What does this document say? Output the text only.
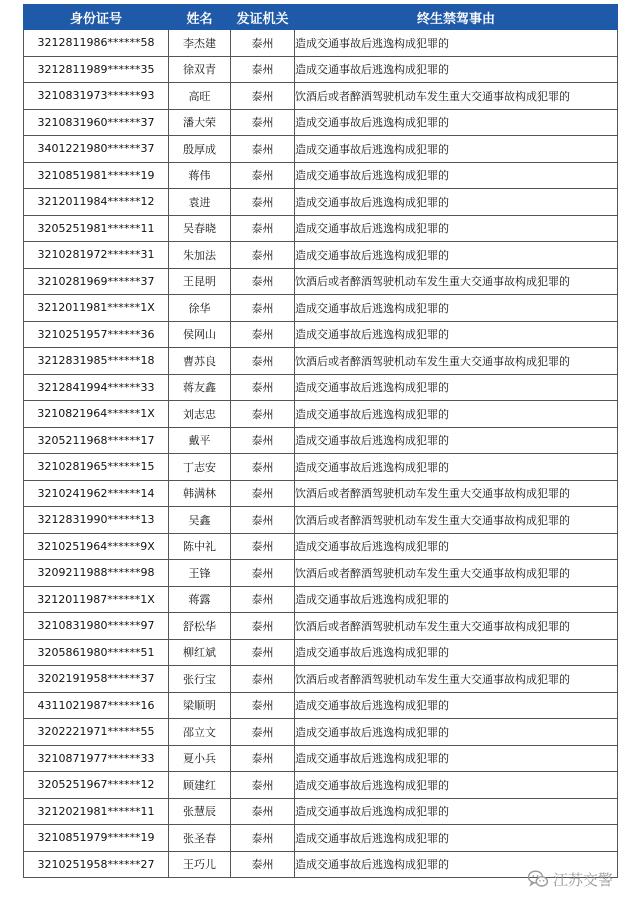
身份证号	姓名	发证机关	终生禁驾事由
3212811986******58	李杰建	泰州	造成交通事故后逃逸构成犯罪的
3212811989******35	徐双青	泰州	造成交通事故后逃逸构成犯罪的
3210831973******93	高旺	泰州	饮酒后或者醉酒驾驶机动车发生重大交通事故构成犯罪的
3210831960******37	潘大荣	泰州	造成交通事故后逃逸构成犯罪的
3401221980******37	殷厚成	泰州	造成交通事故后逃逸构成犯罪的
3210851981******19	蒋伟	泰州	造成交通事故后逃逸构成犯罪的
3212011984******12	袁进	泰州	造成交通事故后逃逸构成犯罪的
3205251981******11	吴春晓	泰州	造成交通事故后逃逸构成犯罪的
3210281972******31	朱加法	泰州	造成交通事故后逃逸构成犯罪的
3210281969******37	王昆明	泰州	饮酒后或者醉酒驾驶机动车发生重大交通事故构成犯罪的
3212011981******1X	徐华	泰州	造成交通事故后逃逸构成犯罪的
3210251957******36	侯网山	泰州	造成交通事故后逃逸构成犯罪的
3212831985******18	曹苏良	泰州	饮酒后或者醉酒驾驶机动车发生重大交通事故构成犯罪的
3212841994******33	蒋友鑫	泰州	造成交通事故后逃逸构成犯罪的
3210821964******1X	刘志忠	泰州	造成交通事故后逃逸构成犯罪的
3205211968******17	戴平	泰州	造成交通事故后逃逸构成犯罪的
3210281965******15	丁志安	泰州	造成交通事故后逃逸构成犯罪的
3210241962******14	韩满林	泰州	饮酒后或者醉酒驾驶机动车发生重大交通事故构成犯罪的
3212831990******13	吴鑫	泰州	饮酒后或者醉酒驾驶机动车发生重大交通事故构成犯罪的
3210251964******9X	陈中礼	泰州	造成交通事故后逃逸构成犯罪的
3209211988******98	王锋	泰州	饮酒后或者醉酒驾驶机动车发生重大交通事故构成犯罪的
3212011987******1X	蒋露	泰州	造成交通事故后逃逸构成犯罪的
3210831980******97	舒松华	泰州	饮酒后或者醉酒驾驶机动车发生重大交通事故构成犯罪的
3205861980******51	柳红斌	泰州	造成交通事故后逃逸构成犯罪的
3202191958******37	张行宝	泰州	饮酒后或者醉酒驾驶机动车发生重大交通事故构成犯罪的
4311021987******16	梁顺明	泰州	造成交通事故后逃逸构成犯罪的
3202221971******55	邵立文	泰州	造成交通事故后逃逸构成犯罪的
3210871977******33	夏小兵	泰州	造成交通事故后逃逸构成犯罪的
3205251967******12	顾建红	泰州	造成交通事故后逃逸构成犯罪的
3212021981******11	张慧辰	泰州	造成交通事故后逃逸构成犯罪的
3210851979******19	张圣春	泰州	造成交通事故后逃逸构成犯罪的
3210251958******27	王巧儿	泰州	造成交通事故后逃逸构成犯罪的
江苏交警
